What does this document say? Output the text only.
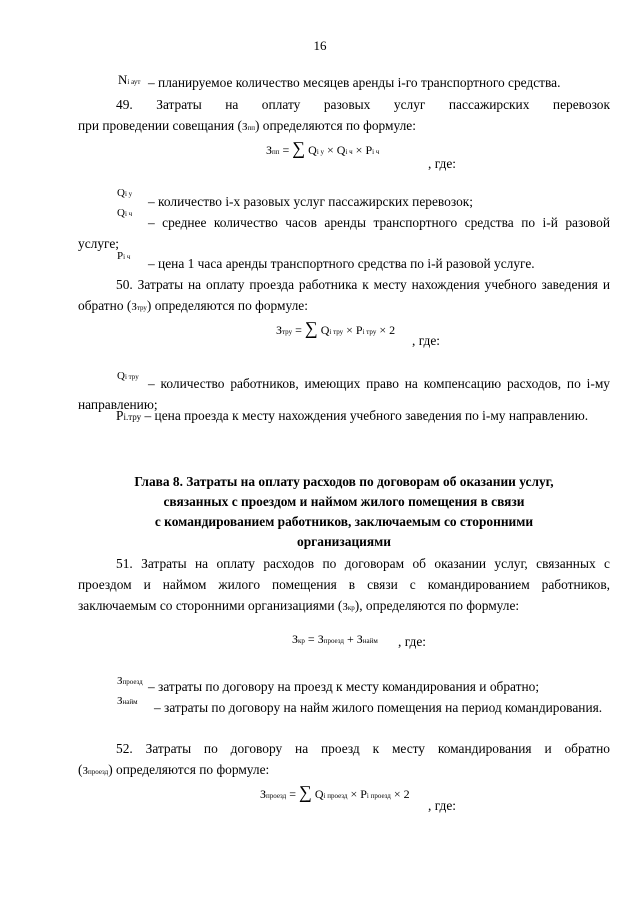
16
Ni аут – планируемое количество месяцев аренды i-го транспортного средства.
49. Затраты на оплату разовых услуг пассажирских перевозок
при проведении совещания (Зпп) определяются по формуле:
Зпп = ∑ Qi у × Qi ч × Pi ч
, где:
Qi у – количество i-х разовых услуг пассажирских перевозок;
Qi ч
– среднее количество часов аренды транспортного средства по i-й разовой услуге;
Pi ч – цена 1 часа аренды транспортного средства по i-й разовой услуге.
50. Затраты на оплату проезда работника к месту нахождения учебного заведения и обратно (Зтру) определяются по формуле:
Зтру = ∑ Qi тру × Pi тру × 2
, где:
Qi тру – количество работников, имеющих право на компенсацию расходов, по i-му направлению;
Pi.тру – цена проезда к месту нахождения учебного заведения по i-му направлению.
Глава 8. Затраты на оплату расходов по договорам об оказании услуг,
связанных с проездом и наймом жилого помещения в связи
с командированием работников, заключаемым со сторонними
организациями
51. Затраты на оплату расходов по договорам об оказании услуг, связанных с проездом и наймом жилого помещения в связи с командированием работников, заключаемым со сторонними организациями (Зкр), определяются по формуле:
Зкр = Зпроезд + Знайм , где:
Зпроезд – затраты по договору на проезд к месту командирования и обратно;
Знайм	– затраты по договору на найм жилого помещения на период командирования.
52. Затраты по договору на проезд к месту командирования и обратно
(Зпроезд) определяются по формуле:
Зпроезд = ∑ Qi проезд × Pi проезд × 2
, где:
